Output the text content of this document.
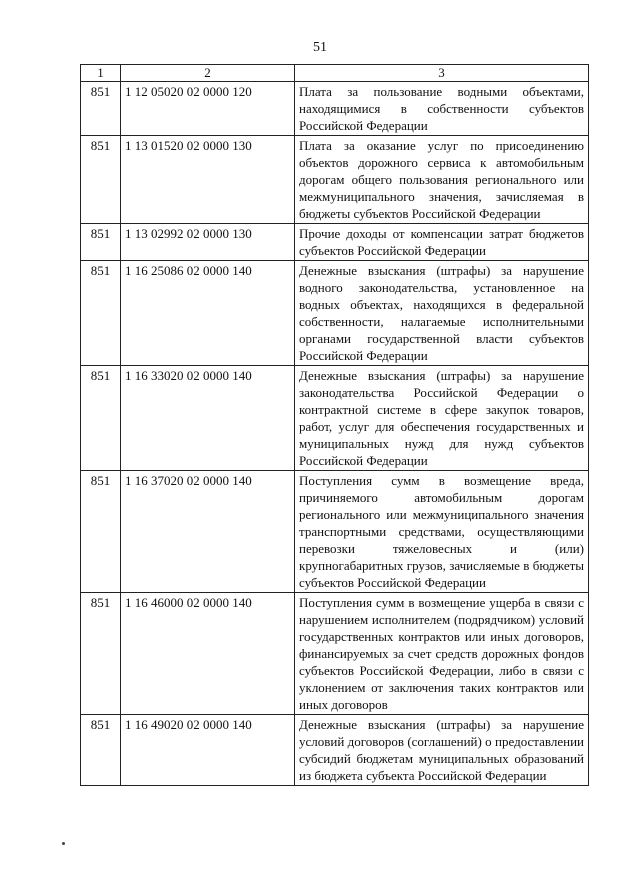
51
1	2	3
851	1 12 05020 02 0000 120	Плата за пользование водными объектами, находящимися в собственности субъектов Российской Федерации
851	1 13 01520 02 0000 130	Плата за оказание услуг по присоединению объектов дорожного сервиса к автомобильным дорогам общего пользования регионального или межмуниципального значения, зачисляемая в бюджеты субъектов Российской Федерации
851	1 13 02992 02 0000 130	Прочие доходы от компенсации затрат бюджетов субъектов Российской Федерации
851	1 16 25086 02 0000 140	Денежные взыскания (штрафы) за нарушение водного законодательства, установленное на водных объектах, находящихся в федеральной собственности, налагаемые исполнительными органами государственной власти субъектов Российской Федерации
851	1 16 33020 02 0000 140	Денежные взыскания (штрафы) за нарушение законодательства Российской Федерации о контрактной системе в сфере закупок товаров, работ, услуг для обеспечения государственных и муниципальных нужд для нужд субъектов Российской Федерации
851	1 16 37020 02 0000 140	Поступления сумм в возмещение вреда, причиняемого автомобильным дорогам регионального или межмуниципального значения транспортными средствами, осуществляющими перевозки тяжеловесных и (или) крупногабаритных грузов, зачисляемые в бюджеты субъектов Российской Федерации
851	1 16 46000 02 0000 140	Поступления сумм в возмещение ущерба в связи с нарушением исполнителем (подрядчиком) условий государственных контрактов или иных договоров, финансируемых за счет средств дорожных фондов субъектов Российской Федерации, либо в связи с уклонением от заключения таких контрактов или иных договоров
851	1 16 49020 02 0000 140	Денежные взыскания (штрафы) за нарушение условий договоров (соглашений) о предоставлении субсидий бюджетам муниципальных образований из бюджета субъекта Российской Федерации
